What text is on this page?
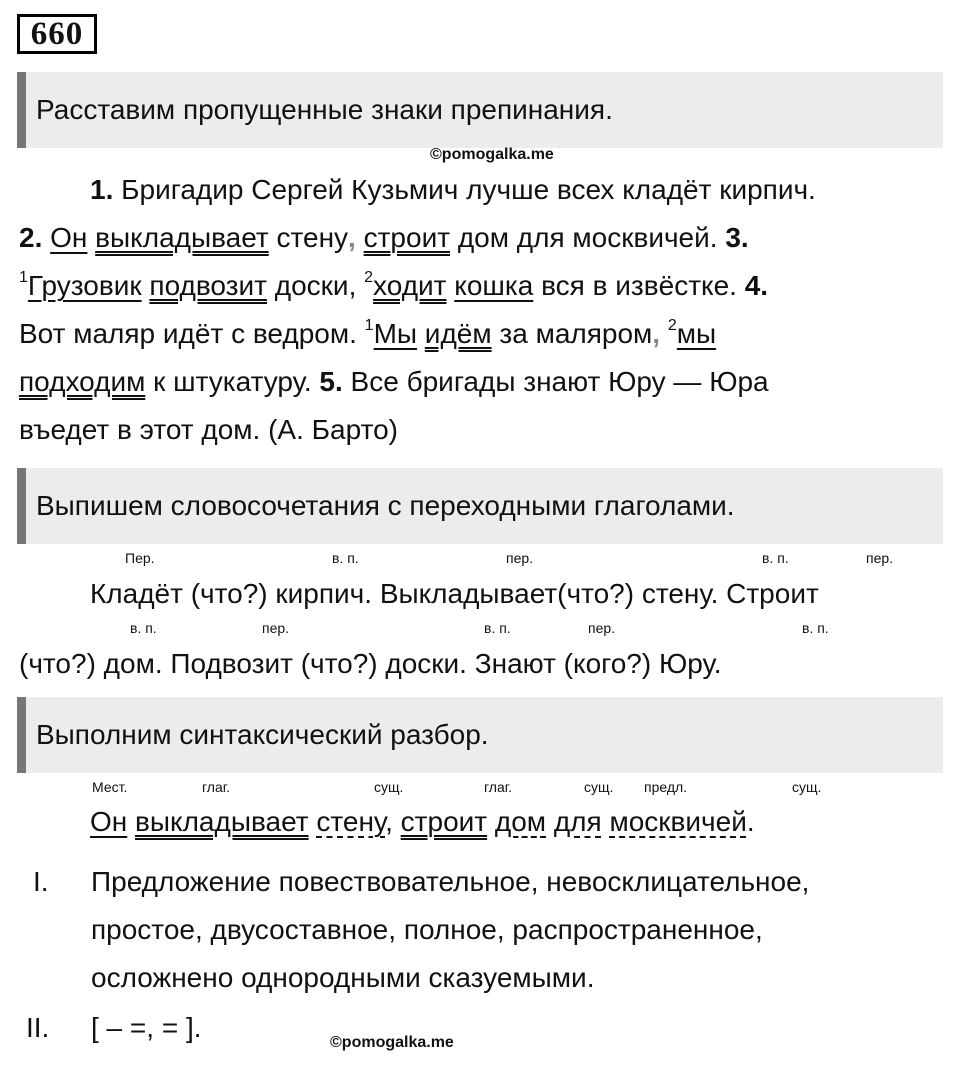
660
Расставим пропущенные знаки препинания.
©pomogalka.me
1. Бригадир Сергей Кузьмич лучше всех кладёт кирпич.
2. Он выкладывает стену, строит дом для москвичей. 3.
$^1$Грузовик подвозит доски, $^2$ходит кошка вся в извёстке. 4.
Вот маляр идёт с ведром. $^1$Мы идём за маляром, $^2$мы
подходим к штукатуру. 5. Все бригады знают Юру — Юра
въедет в этот дом. (А. Барто)
Выпишем словосочетания с переходными глаголами.
Пер.	в. п.	пер.	в. п.	пер.
Кладёт (что?) кирпич. Выкладывает(что?) стену. Строит
в. п.	пер.	в. п.	пер.	в. п.
(что?) дом. Подвозит (что?) доски. Знают (кого?) Юру.
Выполним синтаксический разбор.
Мест.	глаг.	сущ.	глаг.	сущ. предл.	сущ.
Он выкладывает стену, строит дом для москвичей.
I. Предложение повествовательное, невосклицательное,
простое, двусоставное, полное, распространенное,
осложнено однородными сказуемыми.
II. [ – =, = ].	©pomogalka.me
